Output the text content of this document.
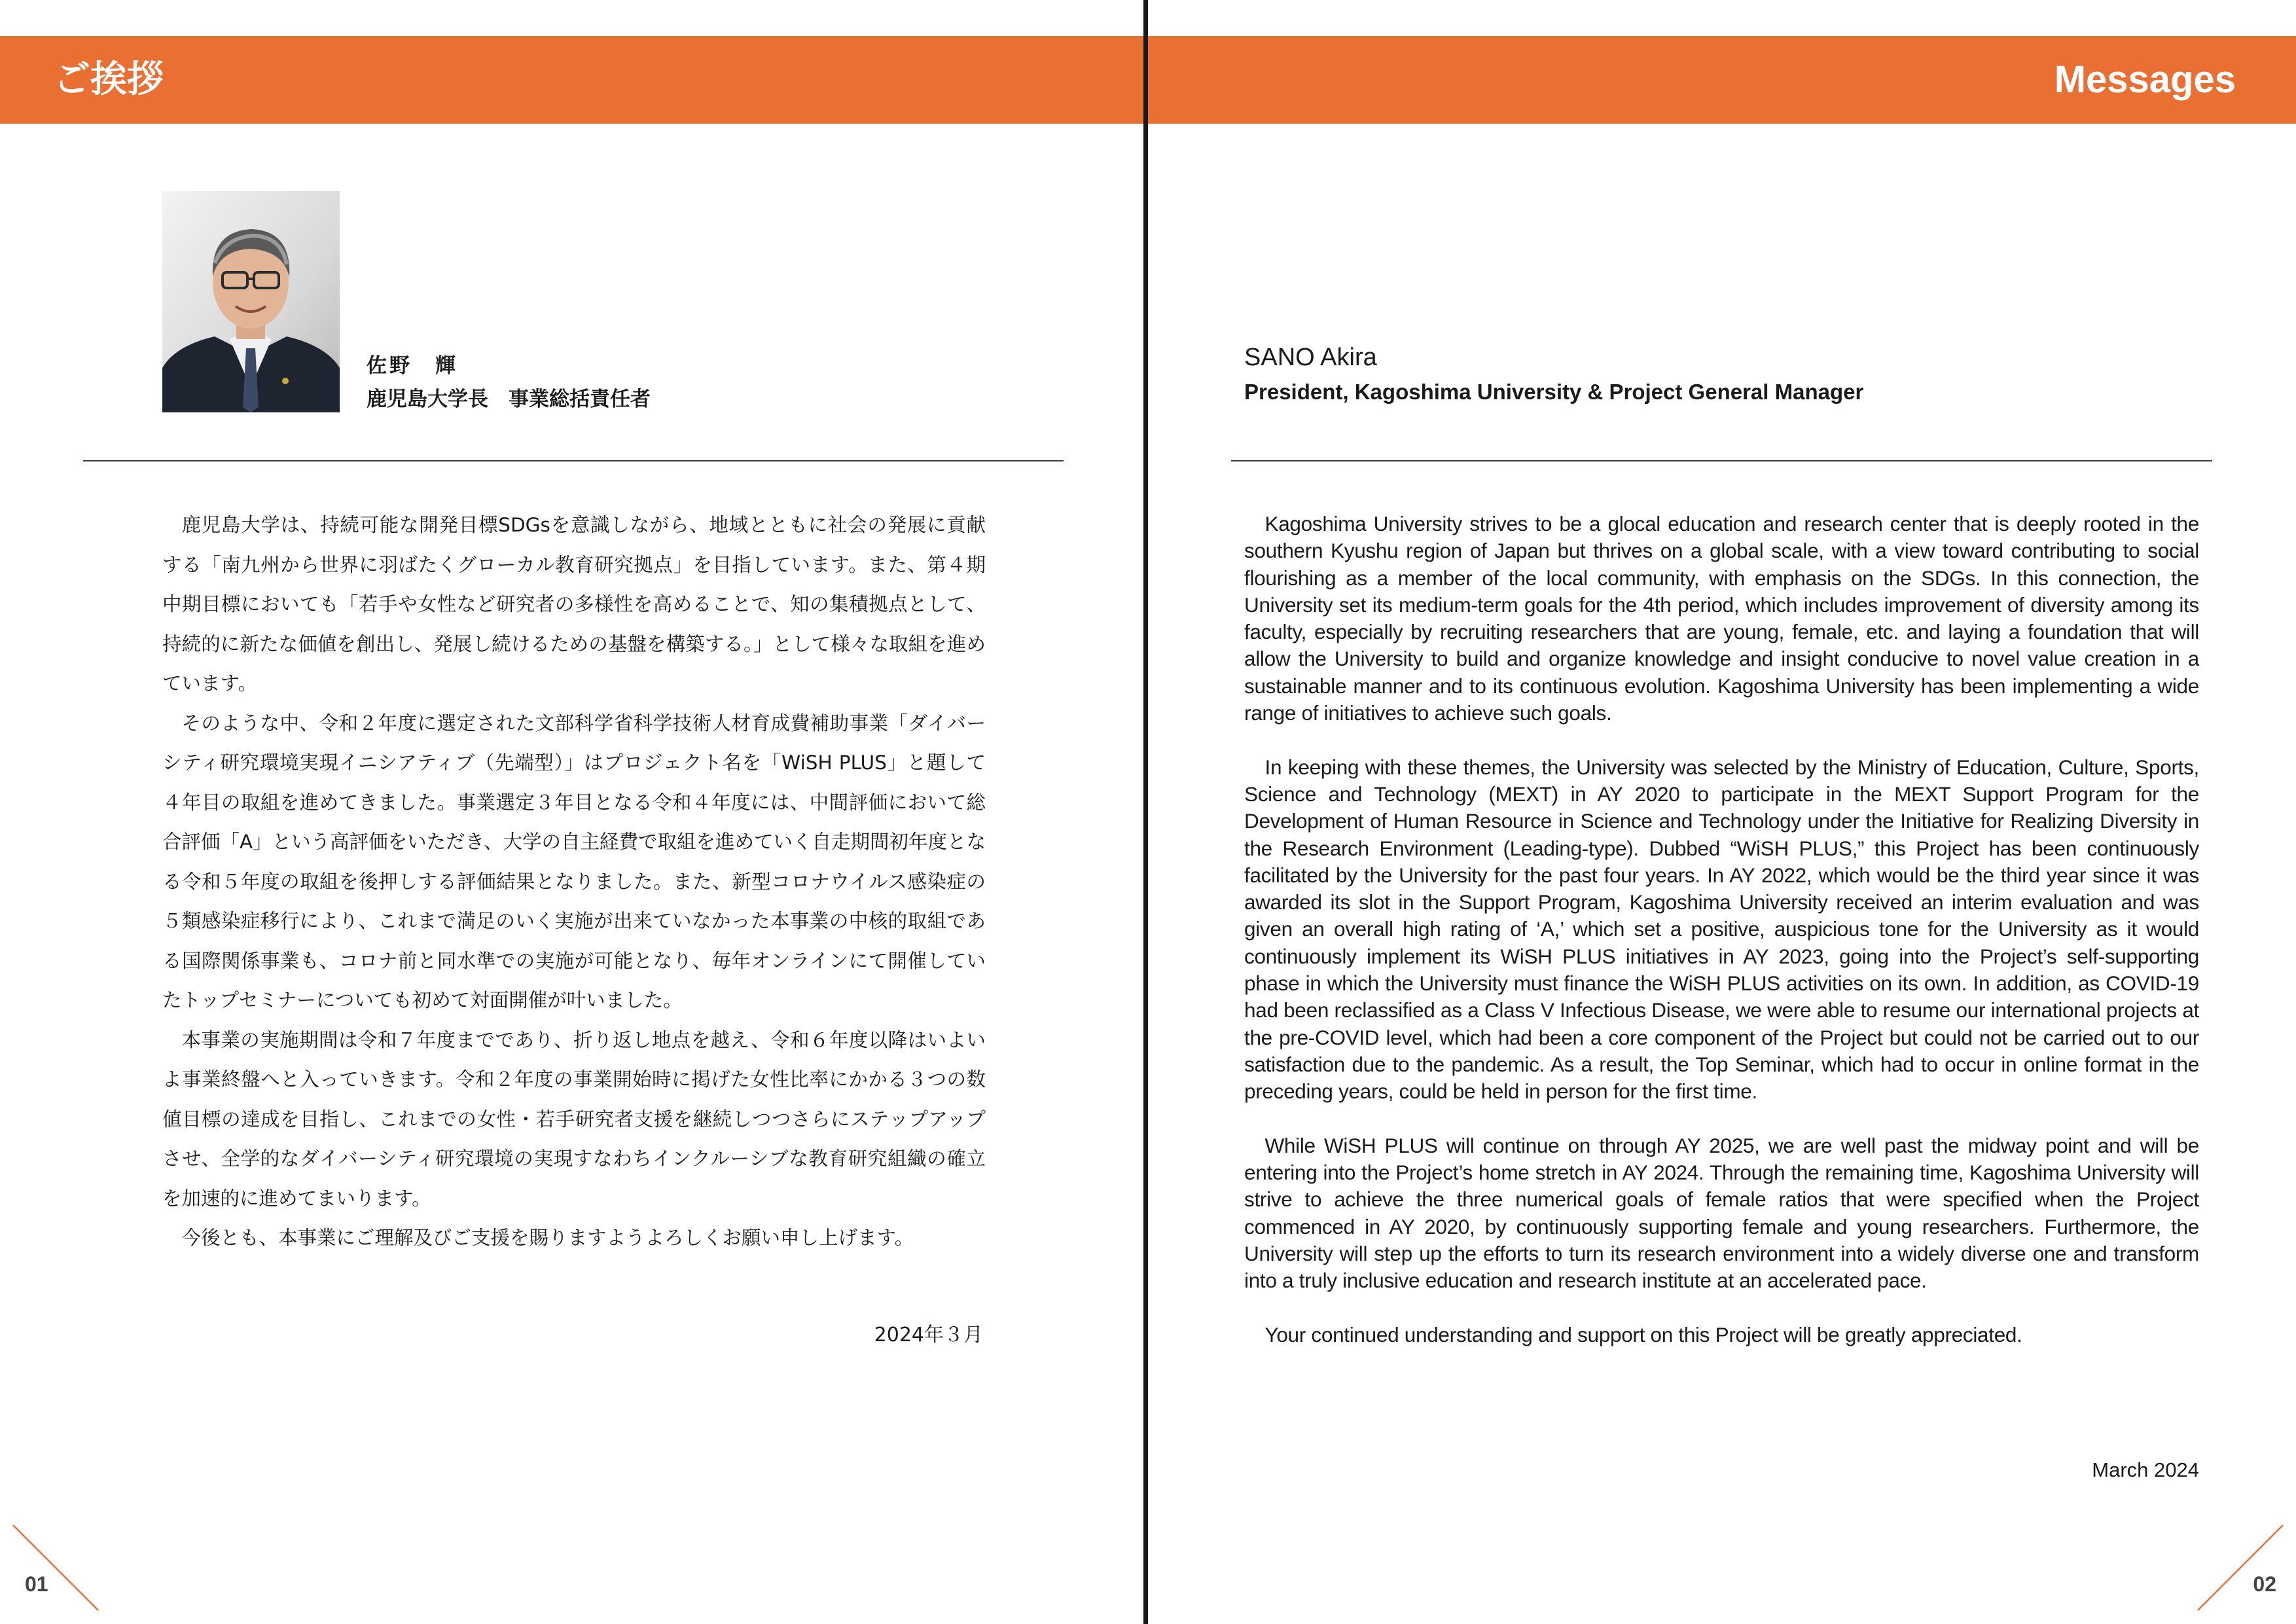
ご挨拶	Messages
佐野　輝
鹿児島大学長　事業総括責任者

鹿児島大学は、持続可能な開発目標SDGsを意識しながら、地域とともに社会の発展に貢献する「南九州から世界に羽ばたくグローカル教育研究拠点」を目指しています。また、第４期中期目標においても「若手や女性など研究者の多様性を高めることで、知の集積拠点として、持続的に新たな価値を創出し、発展し続けるための基盤を構築する。」として様々な取組を進めています。

そのような中、令和２年度に選定された文部科学省科学技術人材育成費補助事業「ダイバーシティ研究環境実現イニシアティブ（先端型）」はプロジェクト名を「WiSH PLUS」と題して４年目の取組を進めてきました。事業選定３年目となる令和４年度には、中間評価において総合評価「A」という高評価をいただき、大学の自主経費で取組を進めていく自走期間初年度となる令和５年度の取組を後押しする評価結果となりました。また、新型コロナウイルス感染症の５類感染症移行により、これまで満足のいく実施が出来ていなかった本事業の中核的取組である国際関係事業も、コロナ前と同水準での実施が可能となり、毎年オンラインにて開催していたトップセミナーについても初めて対面開催が叶いました。

本事業の実施期間は令和７年度までであり、折り返し地点を越え、令和６年度以降はいよいよ事業終盤へと入っていきます。令和２年度の事業開始時に掲げた女性比率にかかる３つの数値目標の達成を目指し、これまでの女性・若手研究者支援を継続しつつさらにステップアップさせ、全学的なダイバーシティ研究環境の実現すなわちインクルーシブな教育研究組織の確立を加速的に進めてまいります。

今後とも、本事業にご理解及びご支援を賜りますようよろしくお願い申し上げます。

2024年３月
SANO Akira
President, Kagoshima University & Project General Manager

Kagoshima University strives to be a glocal education and research center that is deeply rooted in the southern Kyushu region of Japan but thrives on a global scale, with a view toward contributing to social flourishing as a member of the local community, with emphasis on the SDGs. In this connection, the University set its medium-term goals for the 4th period, which includes improvement of diversity among its faculty, especially by recruiting researchers that are young, female, etc. and laying a foundation that will allow the University to build and organize knowledge and insight conducive to novel value creation in a sustainable manner and to its continuous evolution. Kagoshima University has been implementing a wide range of initiatives to achieve such goals.

In keeping with these themes, the University was selected by the Ministry of Education, Culture, Sports, Science and Technology (MEXT) in AY 2020 to participate in the MEXT Support Program for the Development of Human Resource in Science and Technology under the Initiative for Realizing Diversity in the Research Environment (Leading-type). Dubbed “WiSH PLUS,” this Project has been continuously facilitated by the University for the past four years. In AY 2022, which would be the third year since it was awarded its slot in the Support Program, Kagoshima University received an interim evaluation and was given an overall high rating of ‘A,’ which set a positive, auspicious tone for the University as it would continuously implement its WiSH PLUS initiatives in AY 2023, going into the Project’s self-supporting phase in which the University must finance the WiSH PLUS activities on its own. In addition, as COVID-19 had been reclassified as a Class V Infectious Disease, we were able to resume our international projects at the pre-COVID level, which had been a core component of the Project but could not be carried out to our satisfaction due to the pandemic. As a result, the Top Seminar, which had to occur in online format in the preceding years, could be held in person for the first time.

While WiSH PLUS will continue on through AY 2025, we are well past the midway point and will be entering into the Project’s home stretch in AY 2024. Through the remaining time, Kagoshima University will strive to achieve the three numerical goals of female ratios that were specified when the Project commenced in AY 2020, by continuously supporting female and young researchers. Furthermore, the University will step up the efforts to turn its research environment into a widely diverse one and transform into a truly inclusive education and research institute at an accelerated pace.

Your continued understanding and support on this Project will be greatly appreciated.

March 2024
01	02
